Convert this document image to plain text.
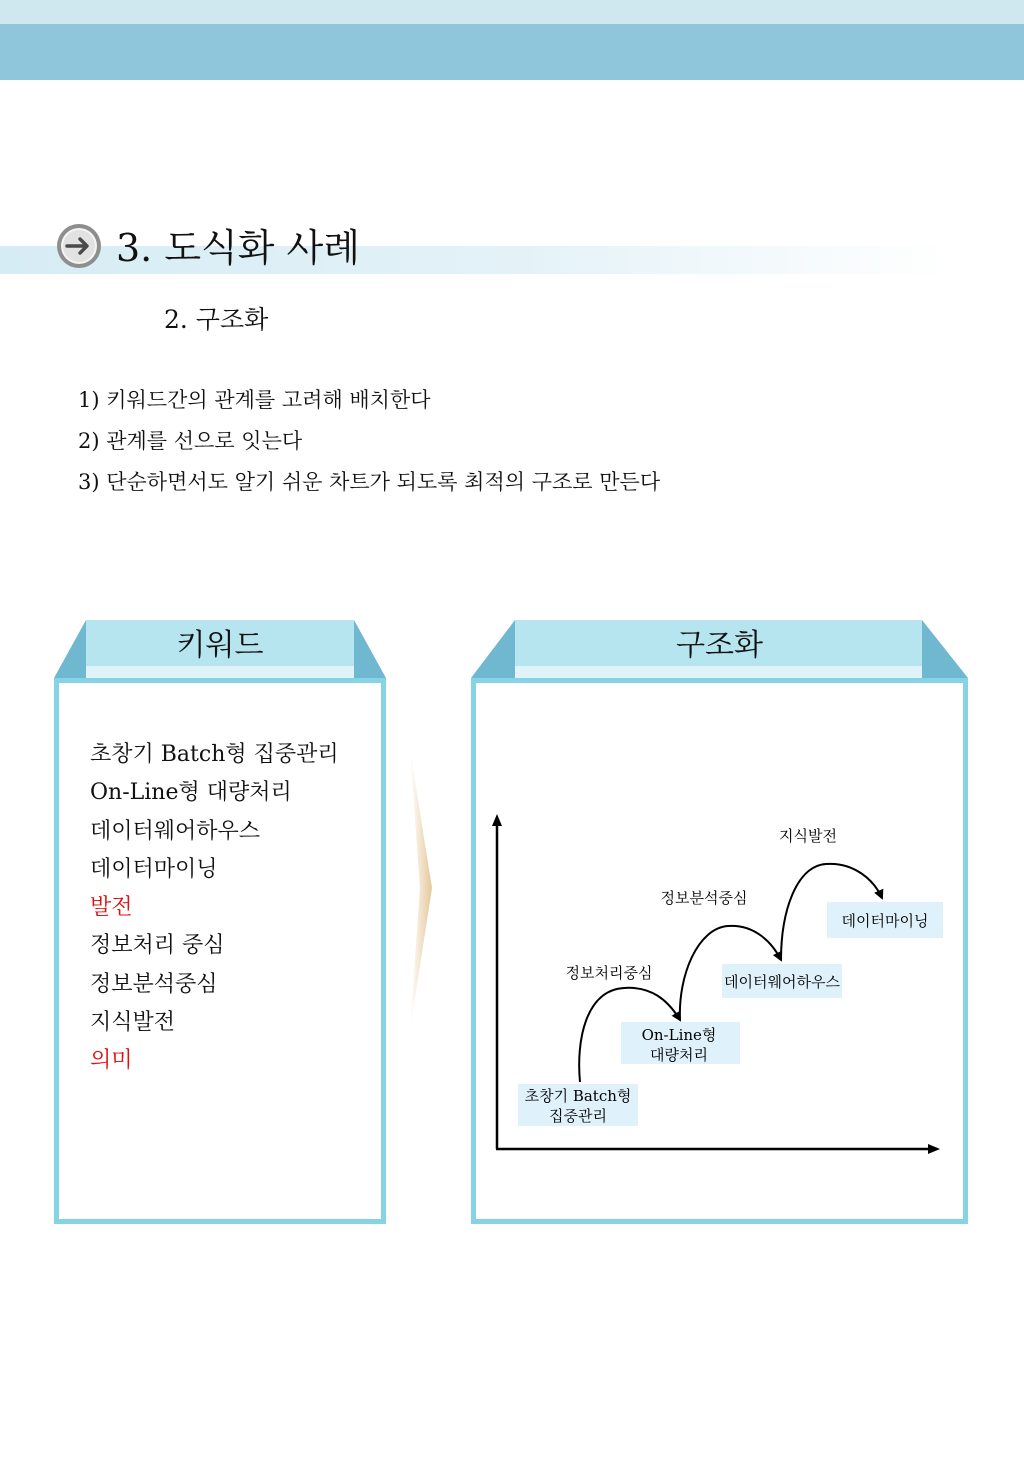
3. 도식화 사례
2. 구조화
1) 키워드간의 관계를 고려해 배치한다
2) 관계를 선으로 잇는다
3) 단순하면서도 알기 쉬운 차트가 되도록 최적의 구조로 만든다
키워드
초창기 Batch형 집중관리
On-Line형 대량처리
데이터웨어하우스
데이터마이닝
발전
정보처리 중심
정보분석중심
지식발전
의미
구조화
초창기 Batch형
집중관리
On-Line형
대량처리
데이터웨어하우스
데이터마이닝
정보처리중심
정보분석중심
지식발전
